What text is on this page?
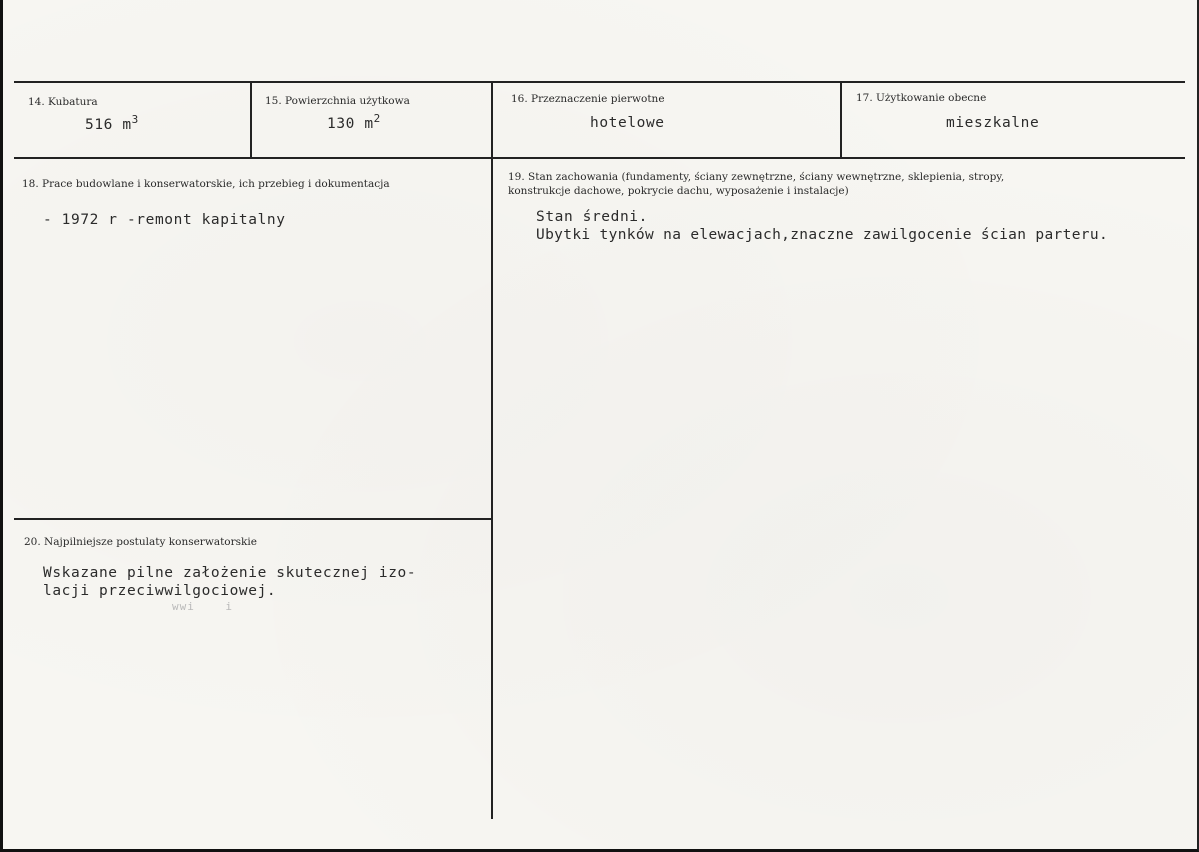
14. Kubatura
516 $m^3$
15. Powierzchnia użytkowa
130 $m^2$
16. Przeznaczenie pierwotne
hotelowe
17. Użytkowanie obecne
mieszkalne
18. Prace budowlane i konserwatorskie, ich przebieg i dokumentacja
- 1972 r -remont kapitalny
19. Stan zachowania (fundamenty, ściany zewnętrzne, ściany wewnętrzne, sklepienia, stropy,
konstrukcje dachowe, pokrycie dachu, wyposażenie i instalacje)
Stan średni.
Ubytki tynków na elewacjach,znaczne zawilgocenie ścian parteru.
20. Najpilniejsze postulaty konserwatorskie
Wskazane pilne założenie skutecznej izo-
lacji przeciwwilgociowej.
wwi    i
